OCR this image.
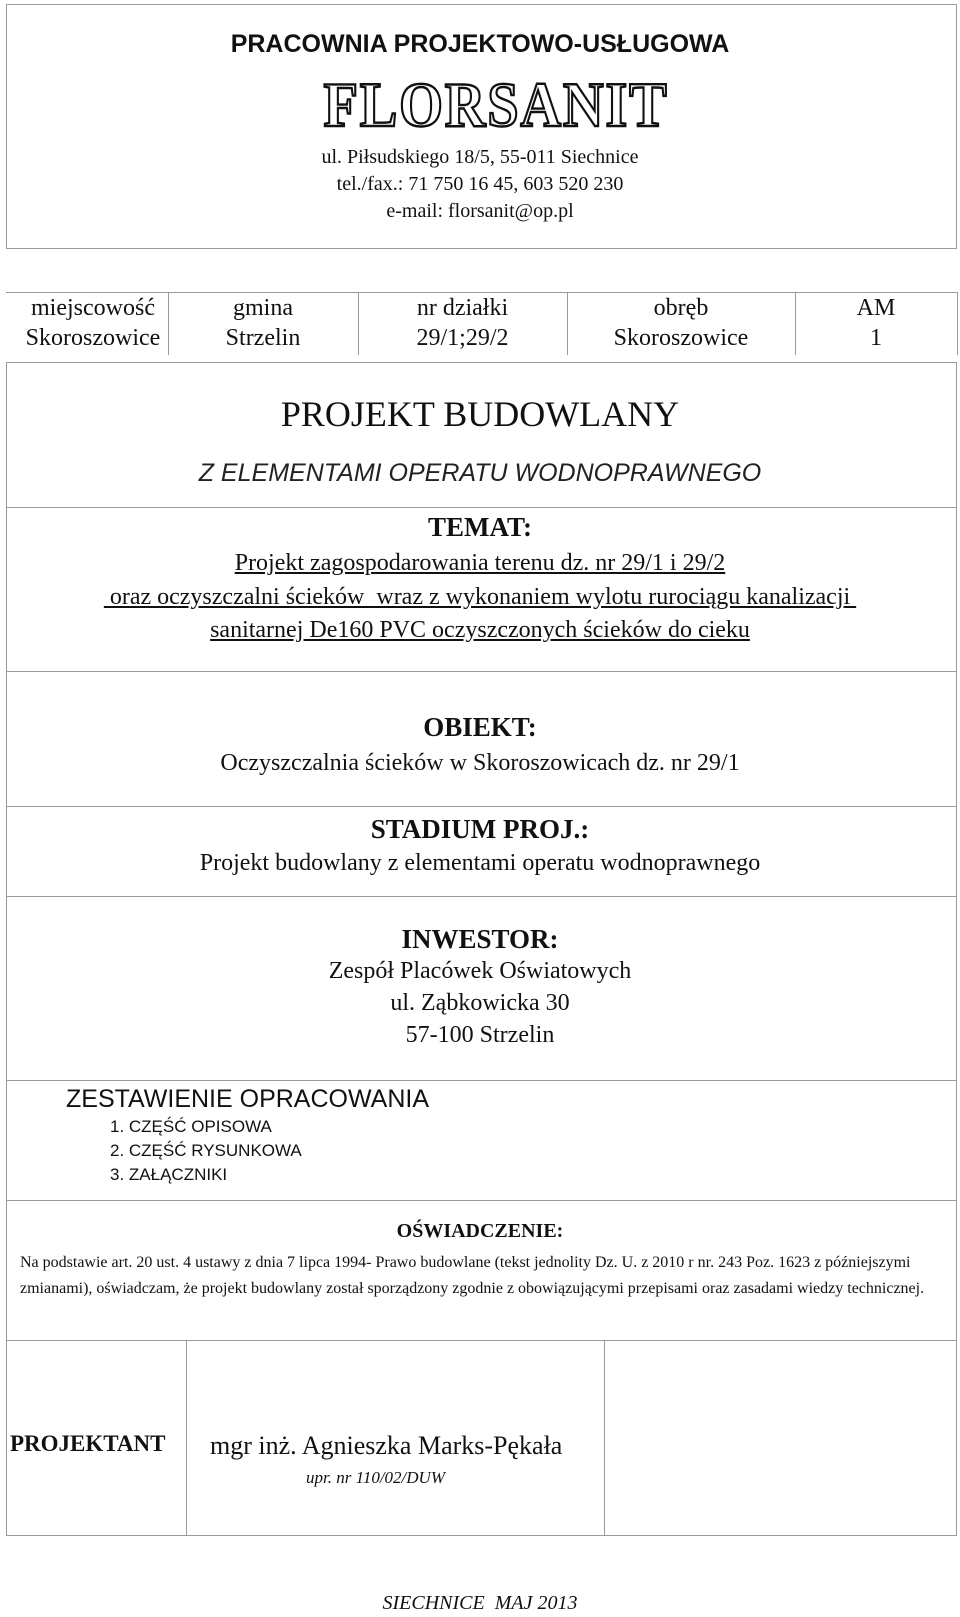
PRACOWNIA PROJEKTOWO-USŁUGOWA
FLORSANIT
ul. Piłsudskiego 18/5, 55-011 Siechnice
tel./fax.: 71 750 16 45, 603 520 230
e-mail: florsanit@op.pl
miejscowość	gmina	nr działki	obręb	AM
Skoroszowice	Strzelin	29/1;29/2	Skoroszowice	1
PROJEKT BUDOWLANY
Z ELEMENTAMI OPERATU WODNOPRAWNEGO
TEMAT:
Projekt zagospodarowania terenu dz. nr 29/1 i 29/2
oraz oczyszczalni ścieków  wraz z wykonaniem wylotu rurociągu kanalizacji
sanitarnej De160 PVC oczyszczonych ścieków do cieku
OBIEKT:
Oczyszczalnia ścieków w Skoroszowicach dz. nr 29/1
STADIUM PROJ.:
Projekt budowlany z elementami operatu wodnoprawnego
INWESTOR:
Zespół Placówek Oświatowych
ul. Ząbkowicka 30
57-100 Strzelin
ZESTAWIENIE OPRACOWANIA
1. CZĘŚĆ OPISOWA
2. CZĘŚĆ RYSUNKOWA
3. ZAŁĄCZNIKI
OŚWIADCZENIE:
Na podstawie art. 20 ust. 4 ustawy z dnia 7 lipca 1994- Prawo budowlane (tekst jednolity Dz. U. z 2010 r nr. 243 Poz. 1623 z późniejszymi zmianami), oświadczam, że projekt budowlany został sporządzony zgodnie z obowiązującymi przepisami oraz zasadami wiedzy technicznej.
PROJEKTANT mgr inż. Agnieszka Marks-Pękała
upr. nr 110/02/DUW
SIECHNICE  MAJ 2013
